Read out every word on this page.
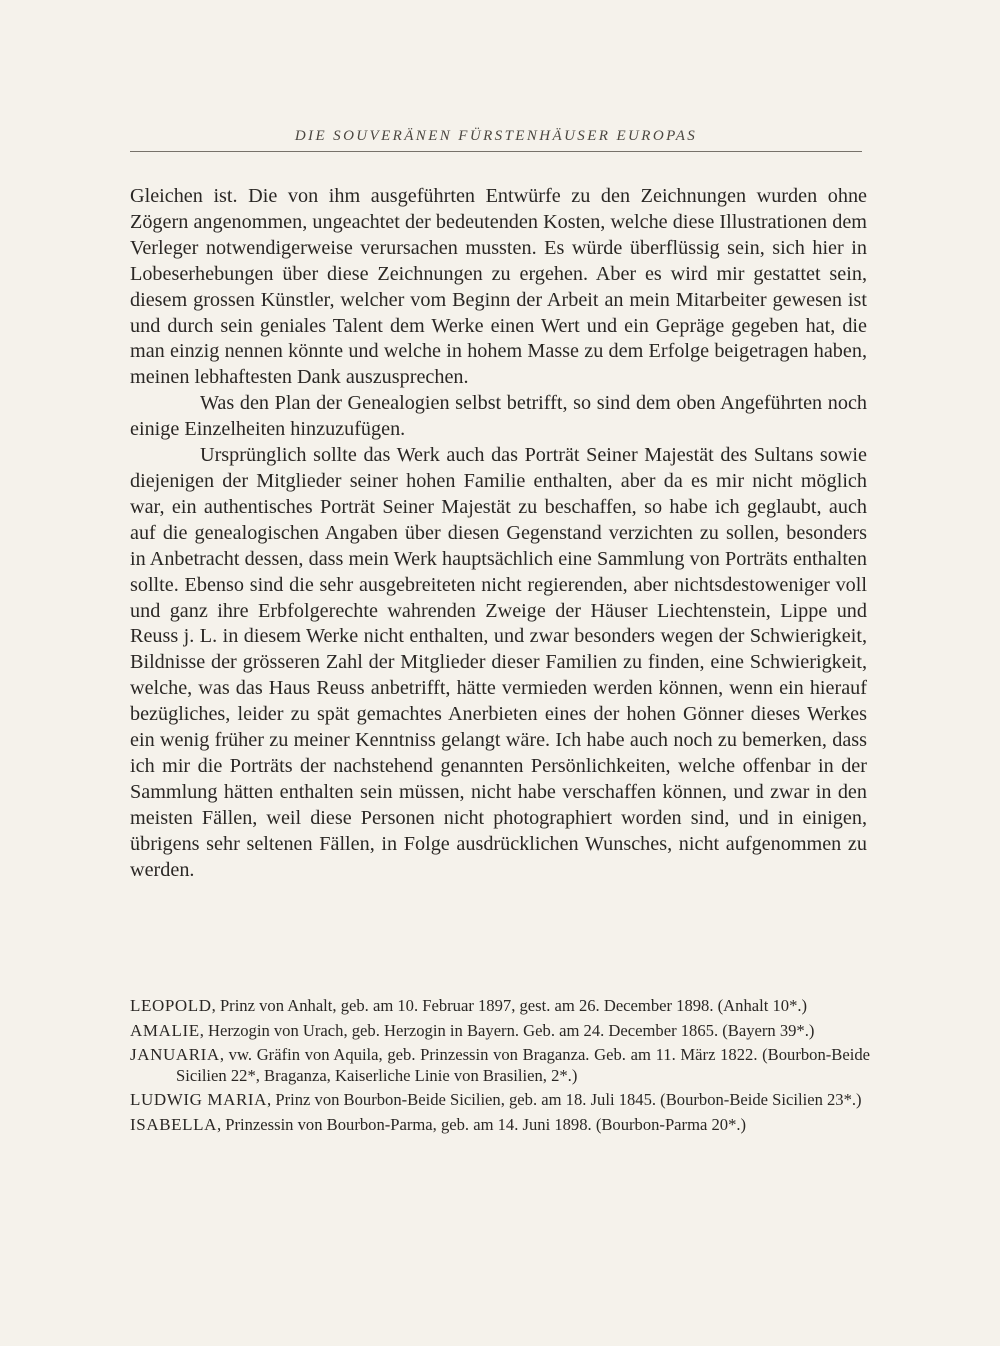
DIE SOUVERÄNEN FÜRSTENHÄUSER EUROPAS

Gleichen ist. Die von ihm ausgeführten Entwürfe zu den Zeichnungen wurden ohne Zögern angenommen, ungeachtet der bedeutenden Kosten, welche diese Illustrationen dem Verleger notwendigerweise verursachen mussten. Es würde überflüssig sein, sich hier in Lobeserhebungen über diese Zeichnungen zu ergehen. Aber es wird mir gestattet sein, diesem grossen Künstler, welcher vom Beginn der Arbeit an mein Mitarbeiter gewesen ist und durch sein geniales Talent dem Werke einen Wert und ein Gepräge gegeben hat, die man einzig nennen könnte und welche in hohem Masse zu dem Erfolge beigetragen haben, meinen lebhaftesten Dank auszusprechen.

Was den Plan der Genealogien selbst betrifft, so sind dem oben Angeführten noch einige Einzelheiten hinzuzufügen.

Ursprünglich sollte das Werk auch das Porträt Seiner Majestät des Sultans sowie diejenigen der Mitglieder seiner hohen Familie enthalten, aber da es mir nicht möglich war, ein authentisches Porträt Seiner Majestät zu beschaffen, so habe ich geglaubt, auch auf die genealogischen Angaben über diesen Gegenstand verzichten zu sollen, besonders in Anbetracht dessen, dass mein Werk hauptsächlich eine Sammlung von Porträts enthalten sollte. Ebenso sind die sehr ausgebreiteten nicht regierenden, aber nichtsdestoweniger voll und ganz ihre Erbfolgerechte wahrenden Zweige der Häuser Liechtenstein, Lippe und Reuss j. L. in diesem Werke nicht enthalten, und zwar besonders wegen der Schwierigkeit, Bildnisse der grösseren Zahl der Mitglieder dieser Familien zu finden, eine Schwierigkeit, welche, was das Haus Reuss anbetrifft, hätte vermieden werden können, wenn ein hierauf bezügliches, leider zu spät gemachtes Anerbieten eines der hohen Gönner dieses Werkes ein wenig früher zu meiner Kenntniss gelangt wäre. Ich habe auch noch zu bemerken, dass ich mir die Porträts der nachstehend genannten Persönlichkeiten, welche offenbar in der Sammlung hätten enthalten sein müssen, nicht habe verschaffen können, und zwar in den meisten Fällen, weil diese Personen nicht photographiert worden sind, und in einigen, übrigens sehr seltenen Fällen, in Folge ausdrücklichen Wunsches, nicht aufgenommen zu werden.

LEOPOLD, Prinz von Anhalt, geb. am 10. Februar 1897, gest. am 26. December 1898. (Anhalt 10*.)
AMALIE, Herzogin von Urach, geb. Herzogin in Bayern. Geb. am 24. December 1865. (Bayern 39*.)
JANUARIA, vw. Gräfin von Aquila, geb. Prinzessin von Braganza. Geb. am 11. März 1822. (Bourbon-Beide Sicilien 22*, Braganza, Kaiserliche Linie von Brasilien, 2*.)
LUDWIG MARIA, Prinz von Bourbon-Beide Sicilien, geb. am 18. Juli 1845. (Bourbon-Beide Sicilien 23*.)
ISABELLA, Prinzessin von Bourbon-Parma, geb. am 14. Juni 1898. (Bourbon-Parma 20*.)
